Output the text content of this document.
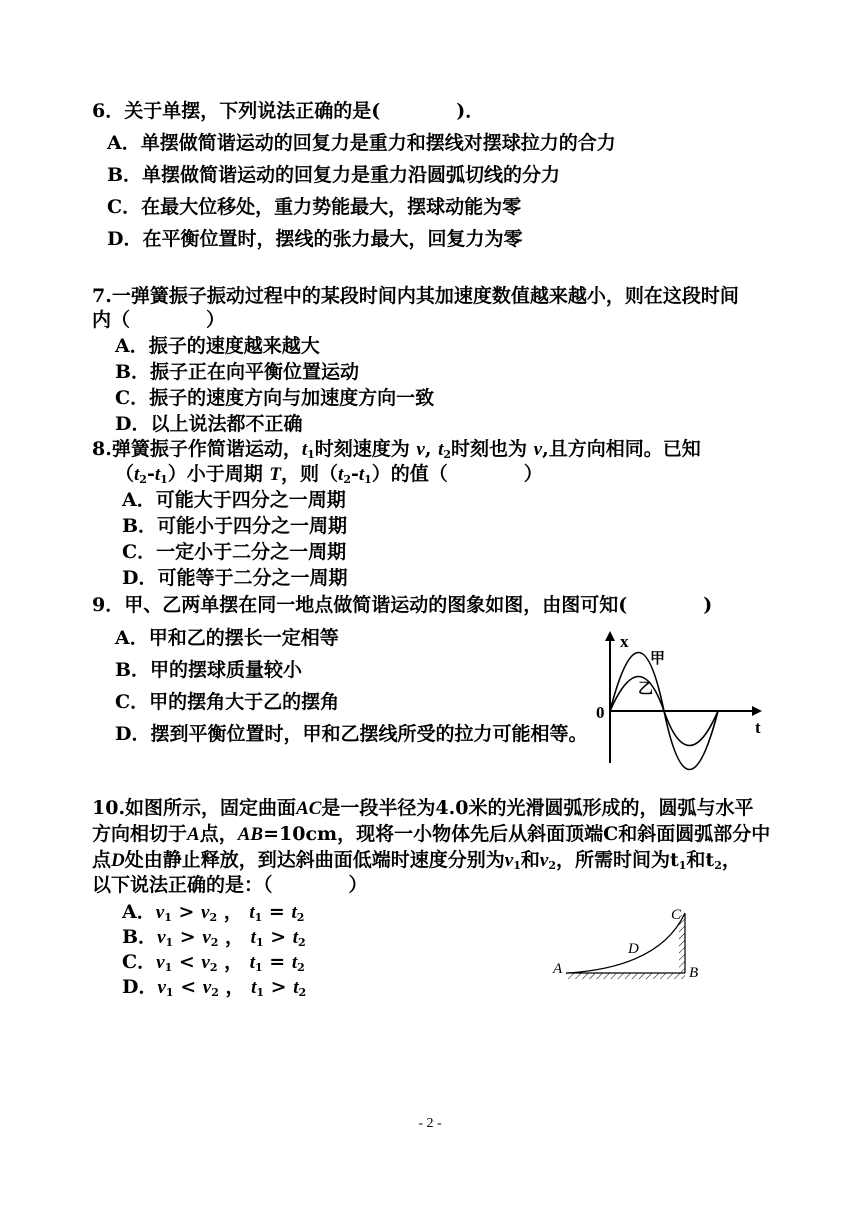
6．关于单摆，下列说法正确的是(　　　　)．
A．单摆做简谐运动的回复力是重力和摆线对摆球拉力的合力
B．单摆做简谐运动的回复力是重力沿圆弧切线的分力
C．在最大位移处，重力势能最大，摆球动能为零
D．在平衡位置时，摆线的张力最大，回复力为零
7.一弹簧振子振动过程中的某段时间内其加速度数值越来越小，则在这段时间
内（　　　　）
A．振子的速度越来越大
B．振子正在向平衡位置运动
C．振子的速度方向与加速度方向一致
D．以上说法都不正确
8.弹簧振子作简谐运动，$t_1$时刻速度为 v, $t_2$时刻也为 v,且方向相同。已知
$(t_2-t_1)$小于周期 T，则$(t_2-t_1)$的值（　　　　）
A．可能大于四分之一周期
B．可能小于四分之一周期
C．一定小于二分之一周期
D．可能等于二分之一周期
9．甲、乙两单摆在同一地点做简谐运动的图象如图，由图可知(　　　　)
A．甲和乙的摆长一定相等
B．甲的摆球质量较小
C．甲的摆角大于乙的摆角
D．摆到平衡位置时，甲和乙摆线所受的拉力可能相等。
x
t
0
甲
乙
10.如图所示，固定曲面AC是一段半径为4.0米的光滑圆弧形成的，圆弧与水平
方向相切于A点，AB=10cm，现将一小物体先后从斜面顶端C和斜面圆弧部分中
点D处由静止释放，到达斜曲面低端时速度分别为$v_1$和$v_2$，所需时间为$t_1$和$t_2$，
以下说法正确的是：（　　　　）
A．$v_1 > v_2$ ， $t_1 = t_2$
B．$v_1 > v_2$ ， $t_1 > t_2$
C．$v_1 < v_2$ ， $t_1 = t_2$
D．$v_1 < v_2$ ， $t_1 > t_2$
A	B
C
D
- 2 -
